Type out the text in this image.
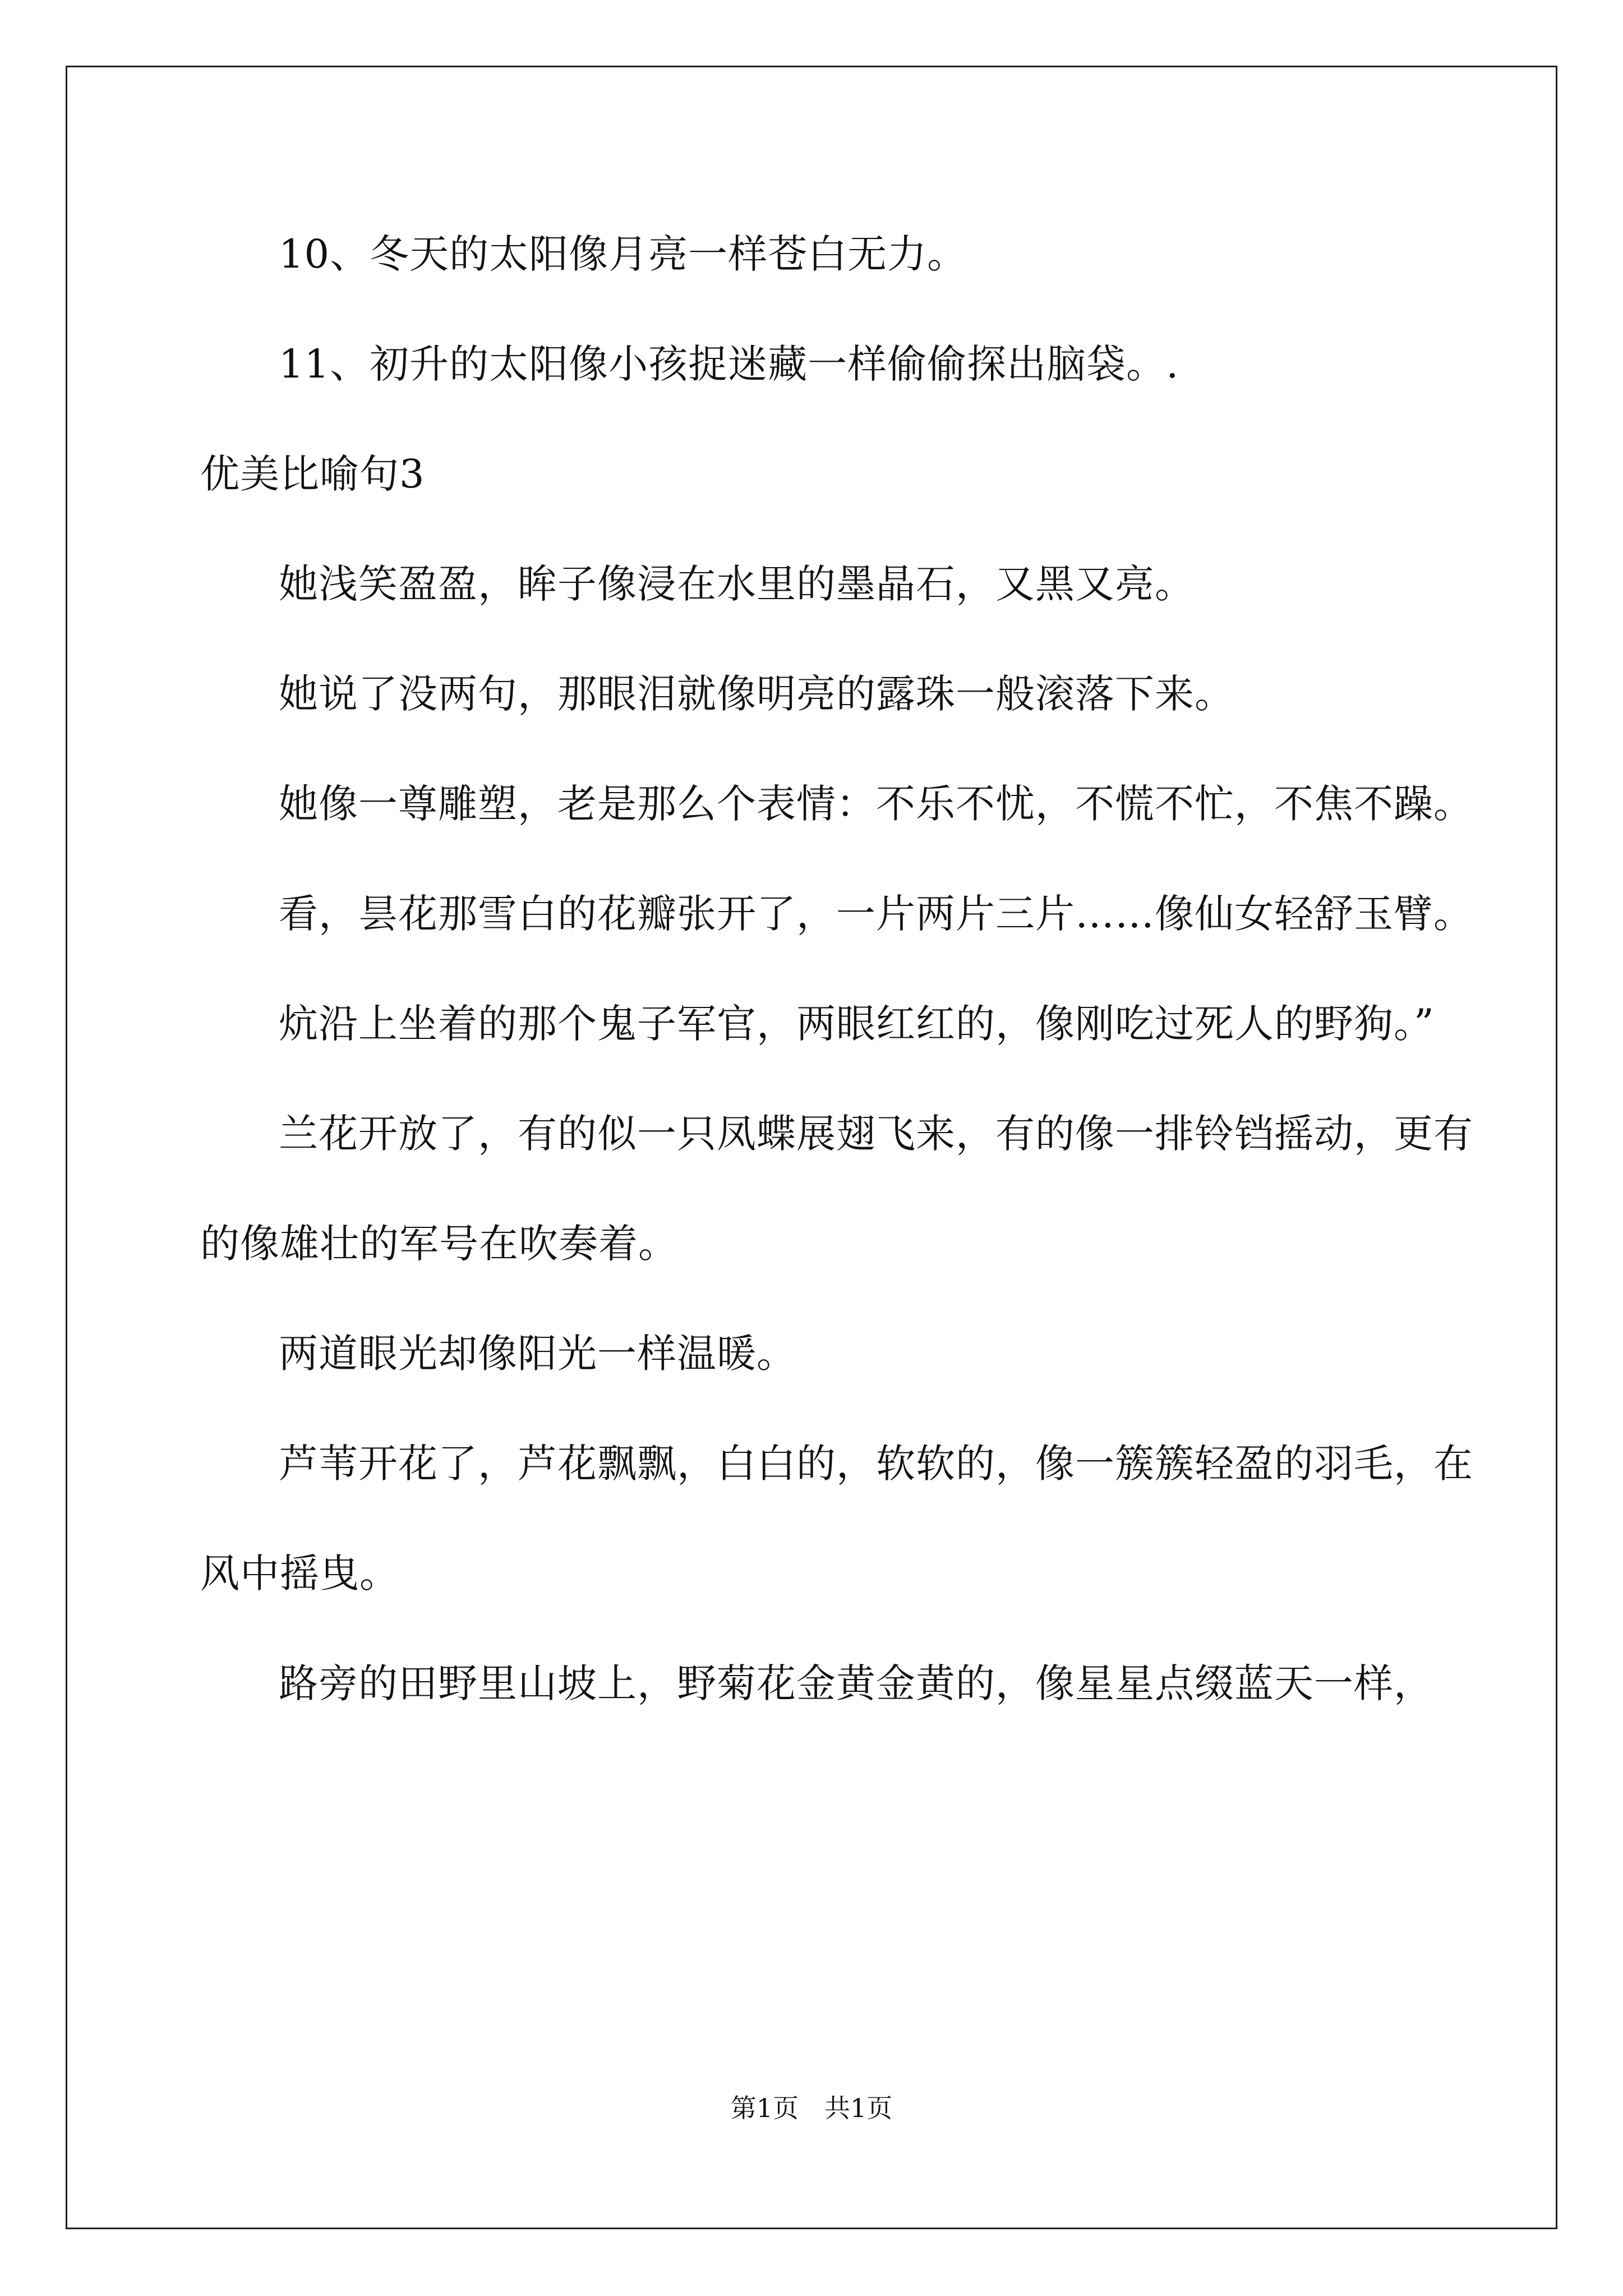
10、冬天的太阳像月亮一样苍白无力。

11、初升的太阳像小孩捉迷藏一样偷偷探出脑袋。.

优美比喻句3

她浅笑盈盈，眸子像浸在水里的墨晶石，又黑又亮。

她说了没两句，那眼泪就像明亮的露珠一般滚落下来。

她像一尊雕塑，老是那么个表情：不乐不忧，不慌不忙，不焦不躁。

看，昙花那雪白的花瓣张开了，一片两片三片……像仙女轻舒玉臂。

炕沿上坐着的那个鬼子军官，两眼红红的，像刚吃过死人的野狗。”

兰花开放了，有的似一只凤蝶展翅飞来，有的像一排铃铛摇动，更有的像雄壮的军号在吹奏着。

两道眼光却像阳光一样温暖。

芦苇开花了，芦花飘飘，白白的，软软的，像一簇簇轻盈的羽毛，在风中摇曳。

路旁的田野里山坡上，野菊花金黄金黄的，像星星点缀蓝天一样，

第1页　共1页
